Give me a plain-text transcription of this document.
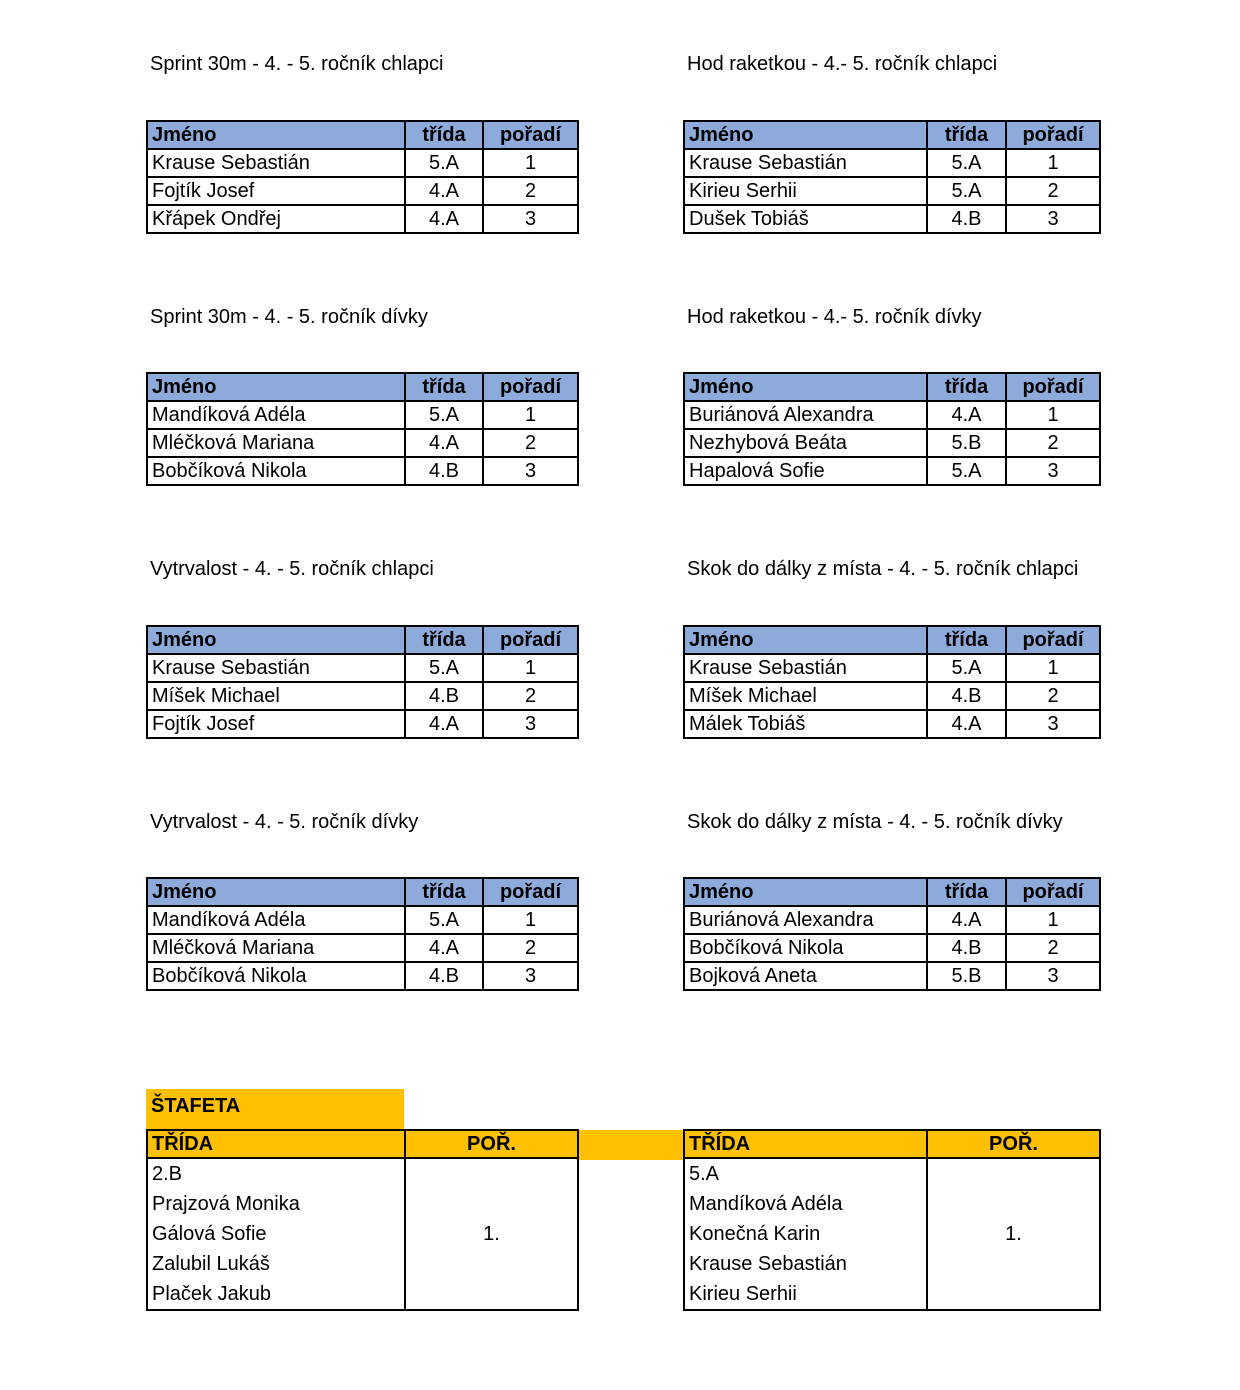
Sprint 30m - 4. - 5. ročník chlapci	Hod raketkou - 4.- 5. ročník chlapci
Jméno	třída	pořadí
Krause Sebastián	5.A	1
Fojtík Josef	4.A	2
Křápek Ondřej	4.A	3
Jméno	třída	pořadí
Krause Sebastián	5.A	1
Kirieu Serhii	5.A	2
Dušek Tobiáš	4.B	3
Sprint 30m - 4. - 5. ročník dívky	Hod raketkou - 4.- 5. ročník dívky
Jméno	třída	pořadí
Mandíková Adéla	5.A	1
Mléčková Mariana	4.A	2
Bobčíková Nikola	4.B	3
Jméno	třída	pořadí
Buriánová Alexandra	4.A	1
Nezhybová Beáta	5.B	2
Hapalová Sofie	5.A	3
Vytrvalost - 4. - 5. ročník chlapci	Skok do dálky z místa - 4. - 5. ročník chlapci
Jméno	třída	pořadí
Krause Sebastián	5.A	1
Míšek Michael	4.B	2
Fojtík Josef	4.A	3
Jméno	třída	pořadí
Krause Sebastián	5.A	1
Míšek Michael	4.B	2
Málek Tobiáš	4.A	3
Vytrvalost - 4. - 5. ročník dívky	Skok do dálky z místa - 4. - 5. ročník dívky
Jméno	třída	pořadí
Mandíková Adéla	5.A	1
Mléčková Mariana	4.A	2
Bobčíková Nikola	4.B	3
Jméno	třída	pořadí
Buriánová Alexandra	4.A	1
Bobčíková Nikola	4.B	2
Bojková Aneta	5.B	3
ŠTAFETA
TŘÍDA	POŘ.
2.B	1.
Prajzová Monika	
Gálová Sofie	
Zalubil Lukáš	
Plaček Jakub	
TŘÍDA	POŘ.
5.A	1.
Mandíková Adéla	
Konečná Karin	
Krause Sebastián	
Kirieu Serhii	
